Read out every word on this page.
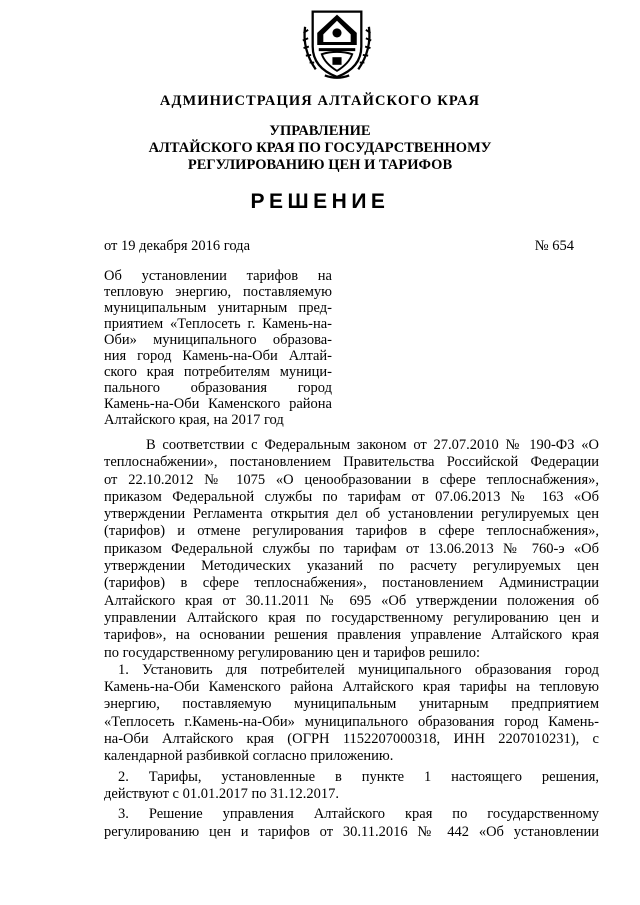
АДМИНИСТРАЦИЯ АЛТАЙСКОГО КРАЯ
УПРАВЛЕНИЕ
АЛТАЙСКОГО КРАЯ ПО ГОСУДАРСТВЕННОМУ
РЕГУЛИРОВАНИЮ ЦЕН И ТАРИФОВ
РЕШЕНИЕ
от 19 декабря 2016 года	№ 654
Об установлении тарифов на
тепловую энергию, поставляемую
муниципальным унитарным пред-
приятием «Теплосеть г. Камень-на-
Оби» муниципального образова-
ния город Камень-на-Оби Алтай-
ского края потребителям муници-
пального образования город
Камень-на-Оби Каменского района
Алтайского края, на 2017 год

В соответствии с Федеральным законом от 27.07.2010 № 190-ФЗ «О
теплоснабжении», постановлением Правительства Российской Федерации
от 22.10.2012 № 1075 «О ценообразовании в сфере теплоснабжения»,
приказом Федеральной службы по тарифам от 07.06.2013 № 163 «Об
утверждении Регламента открытия дел об установлении регулируемых цен
(тарифов) и отмене регулирования тарифов в сфере теплоснабжения»,
приказом Федеральной службы по тарифам от 13.06.2013 № 760-э «Об
утверждении Методических указаний по расчету регулируемых цен
(тарифов) в сфере теплоснабжения», постановлением Администрации
Алтайского края от 30.11.2011 № 695 «Об утверждении положения об
управлении Алтайского края по государственному регулированию цен и
тарифов», на основании решения правления управление Алтайского края
по государственному регулированию цен и тарифов решило:

1. Установить для потребителей муниципального образования город
Камень-на-Оби Каменского района Алтайского края тарифы на тепловую
энергию, поставляемую муниципальным унитарным предприятием
«Теплосеть г.Камень-на-Оби» муниципального образования город Камень-
на-Оби Алтайского края (ОГРН 1152207000318, ИНН 2207010231), с
календарной разбивкой согласно приложению.

2. Тарифы, установленные в пункте 1 настоящего решения,
действуют с 01.01.2017 по 31.12.2017.

3. Решение управления Алтайского края по государственному
регулированию цен и тарифов от 30.11.2016 № 442 «Об установлении
